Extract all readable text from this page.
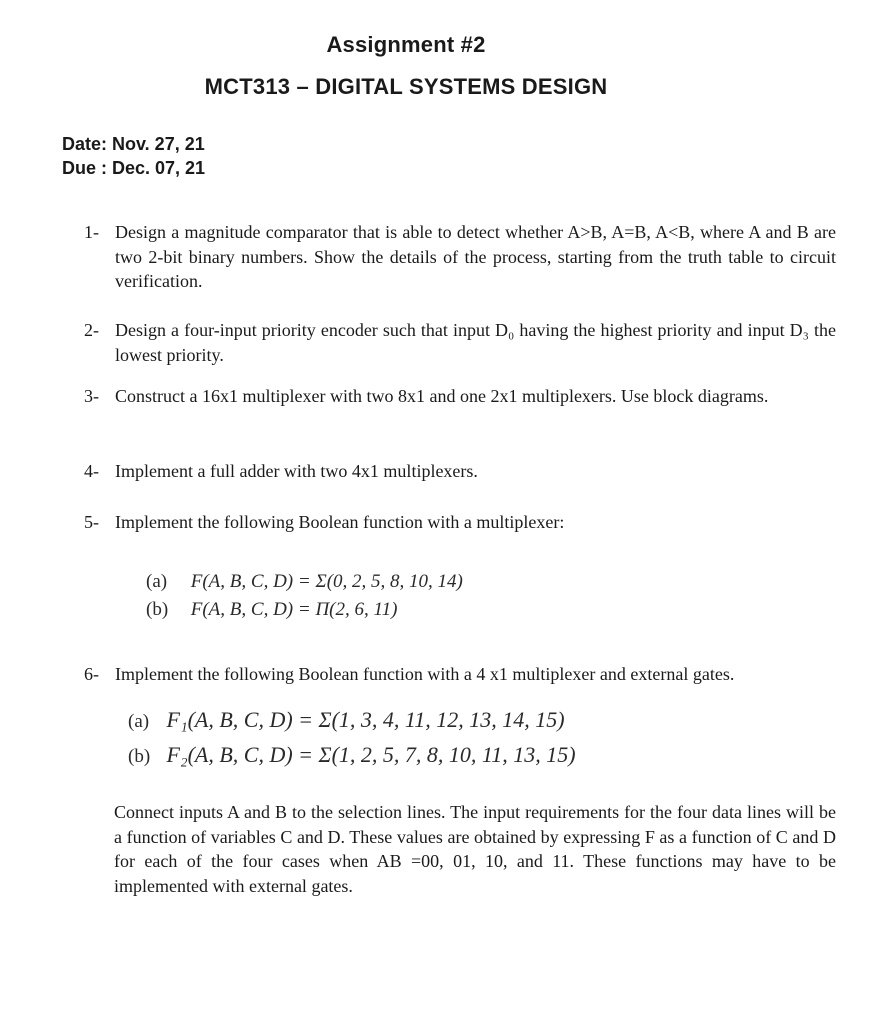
Assignment #2
MCT313 – DIGITAL SYSTEMS DESIGN
Date: Nov. 27, 21
Due : Dec. 07, 21
1- Design a magnitude comparator that is able to detect whether A>B, A=B, A<B, where A and B are two 2-bit binary numbers. Show the details of the process, starting from the truth table to circuit verification.
2- Design a four-input priority encoder such that input D₀ having the highest priority and input D₃ the lowest priority.
3- Construct a 16x1 multiplexer with two 8x1 and one 2x1 multiplexers. Use block diagrams.
4- Implement a full adder with two 4x1 multiplexers.
5- Implement the following Boolean function with a multiplexer:
(a) F(A, B, C, D) = Σ(0, 2, 5, 8, 10, 14)
(b) F(A, B, C, D) = Π(2, 6, 11)
6- Implement the following Boolean function with a 4 x1 multiplexer and external gates.
(a) F₁(A, B, C, D) = Σ(1, 3, 4, 11, 12, 13, 14, 15)
(b) F₂(A, B, C, D) = Σ(1, 2, 5, 7, 8, 10, 11, 13, 15)
Connect inputs A and B to the selection lines. The input requirements for the four data lines will be a function of variables C and D. These values are obtained by expressing F as a function of C and D for each of the four cases when AB =00, 01, 10, and 11. These functions may have to be implemented with external gates.
